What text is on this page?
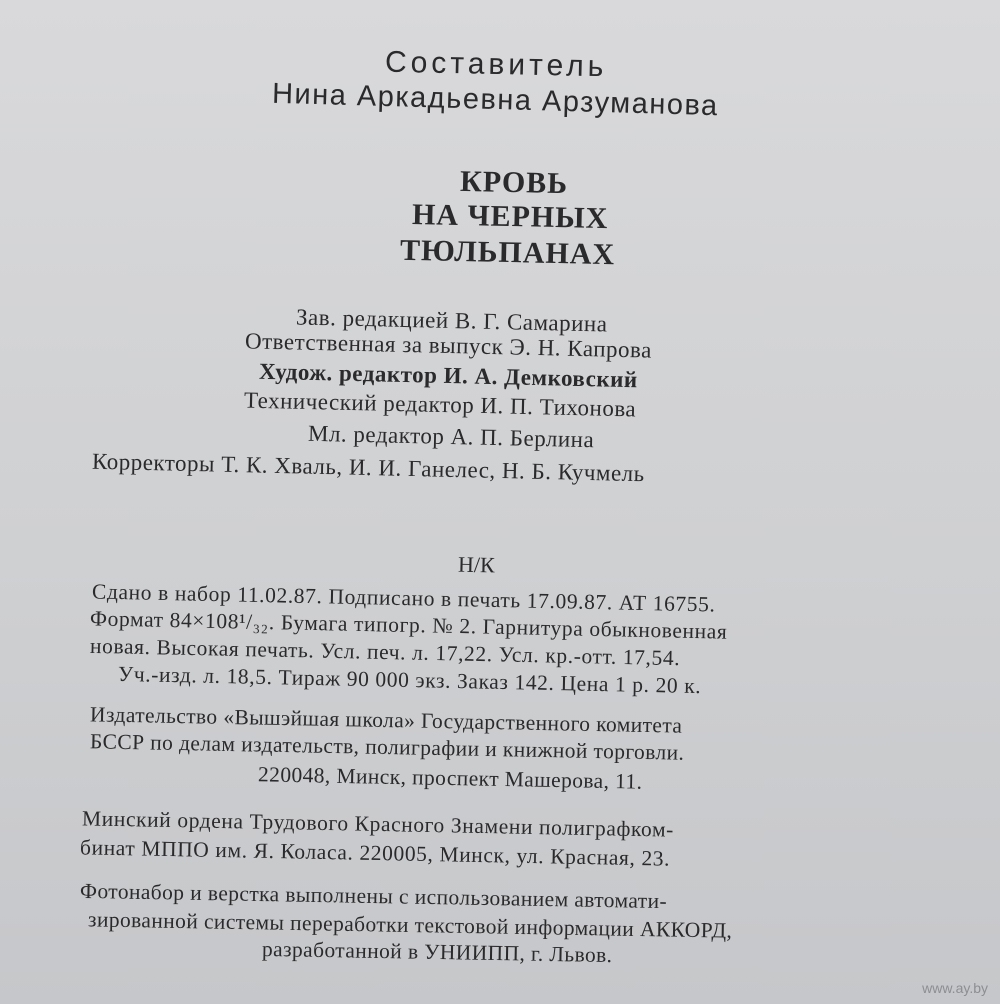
Составитель
Нина Аркадьевна Арзуманова
КРОВЬ
НА ЧЕРНЫХ
ТЮЛЬПАНАХ
Зав. редакцией В. Г. Самарина
Ответственная за выпуск Э. Н. Капрова
Худож. редактор И. А. Демковский
Технический редактор И. П. Тихонова
Мл. редактор А. П. Берлина
Корректоры Т. К. Хваль, И. И. Ганелес, Н. Б. Кучмель
Н/К
Сдано в набор 11.02.87. Подписано в печать 17.09.87. АТ 16755.
Формат 84×108¹/₃₂. Бумага типогр. № 2. Гарнитура обыкновенная
новая. Высокая печать. Усл. печ. л. 17,22. Усл. кр.-отт. 17,54.
Уч.-изд. л. 18,5. Тираж 90 000 экз. Заказ 142. Цена 1 р. 20 к.
Издательство «Вышэйшая школа» Государственного комитета
БССР по делам издательств, полиграфии и книжной торговли.
220048, Минск, проспект Машерова, 11.
Минский ордена Трудового Красного Знамени полиграфком-
бинат МППО им. Я. Коласа. 220005, Минск, ул. Красная, 23.
Фотонабор и верстка выполнены с использованием автомати-
зированной системы переработки текстовой информации АККОРД,
разработанной в УНИИПП, г. Львов.
www.ay.by
